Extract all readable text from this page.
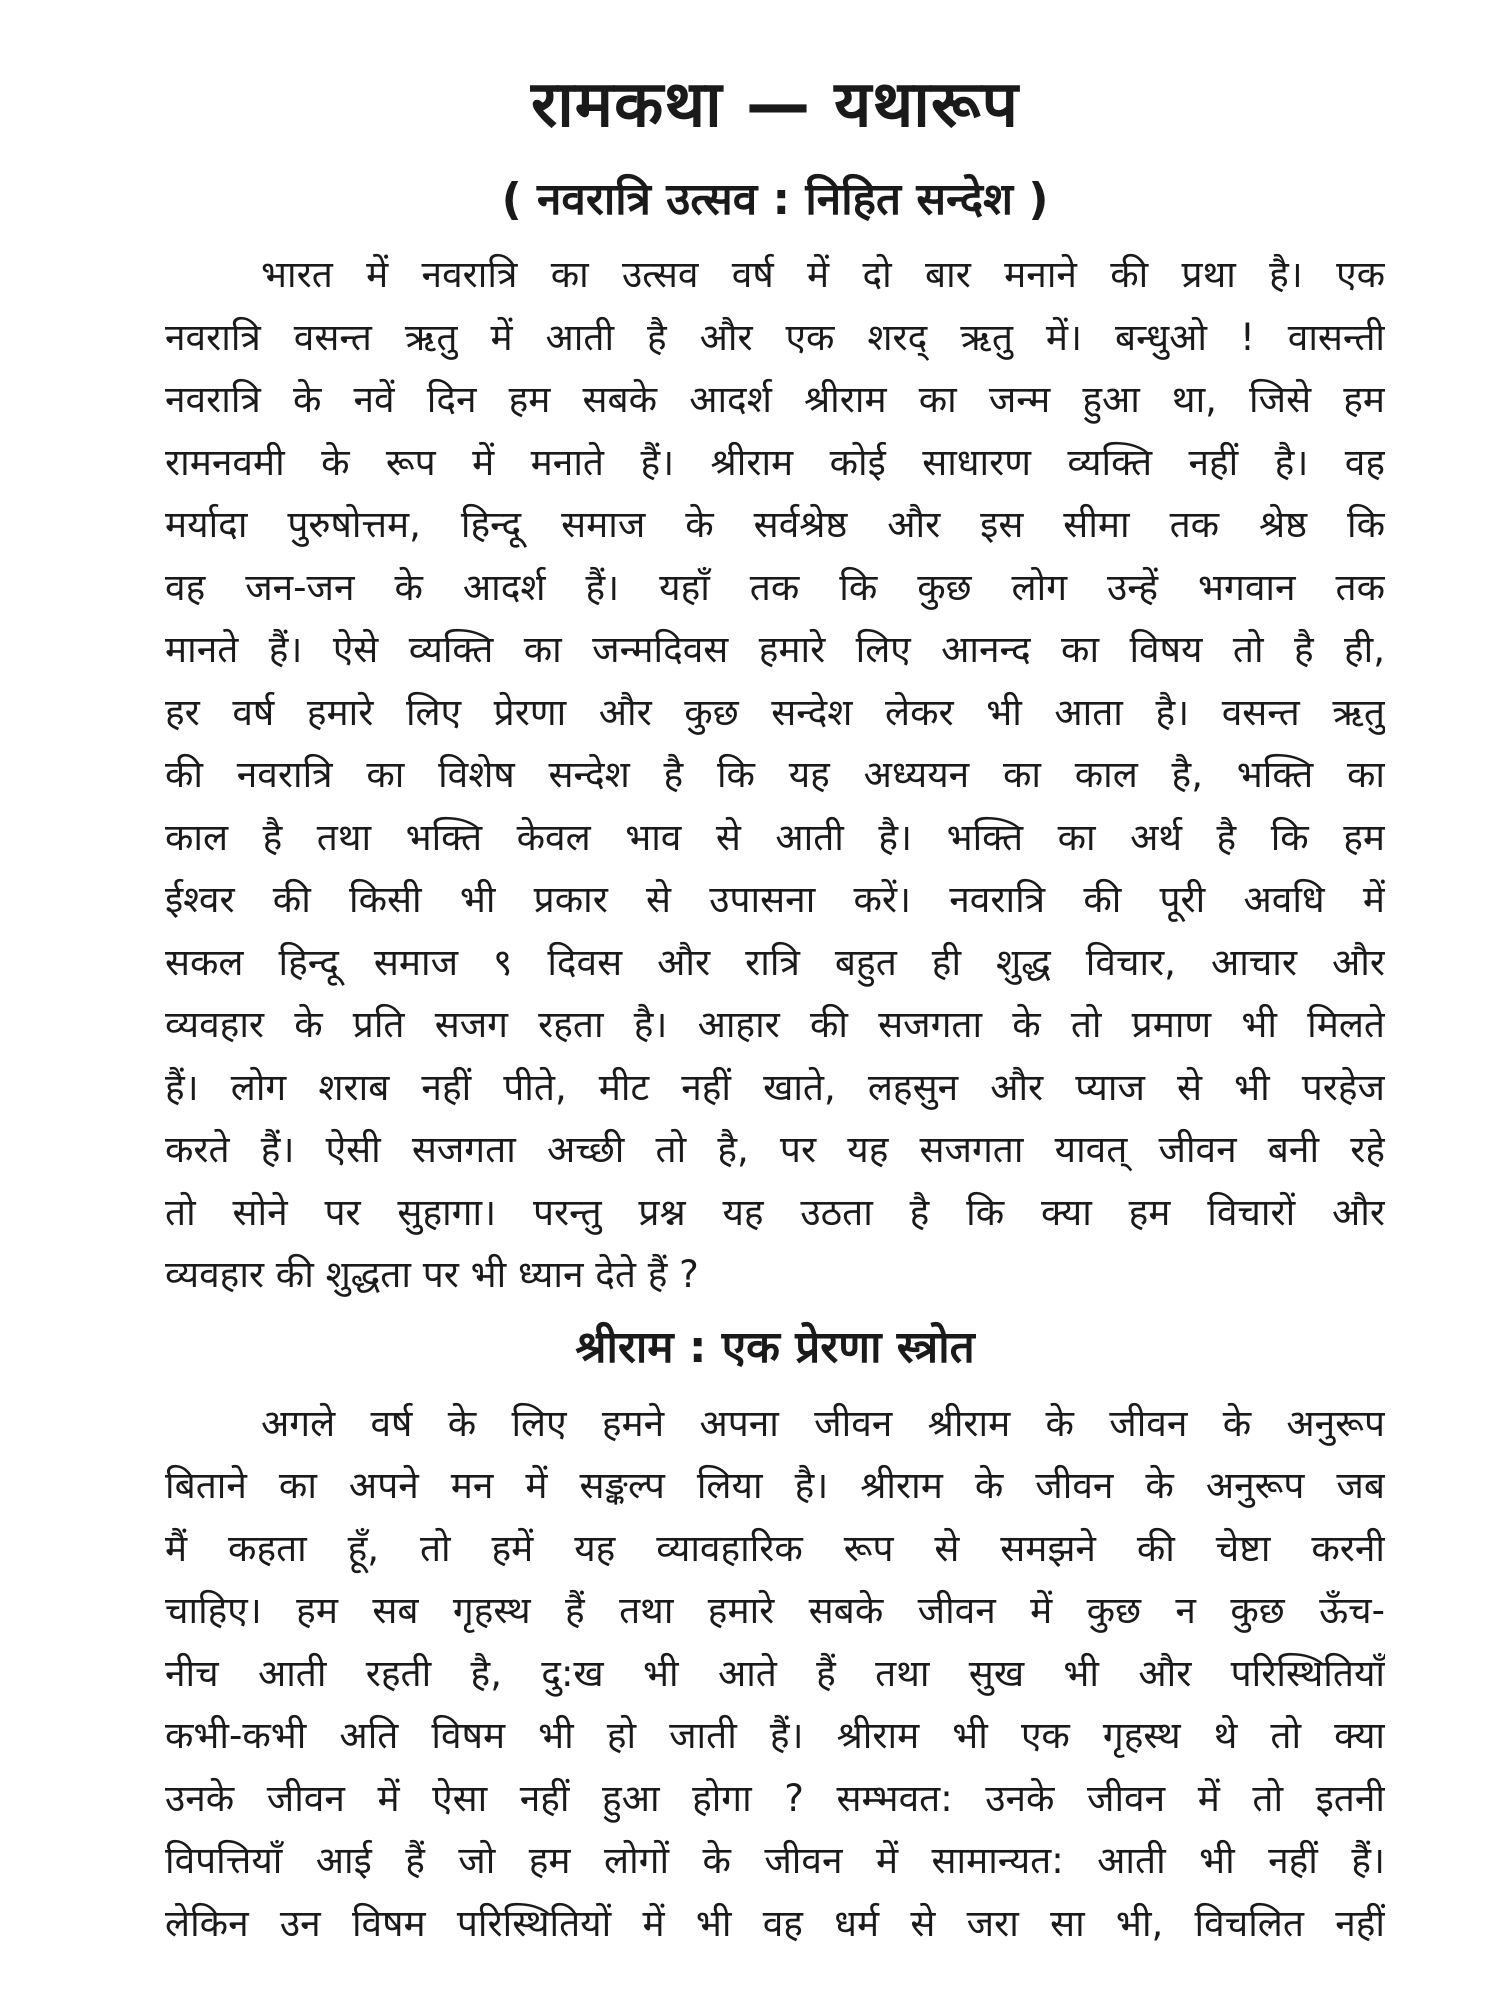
रामकथा — यथारूप
( नवरात्रि उत्सव : निहित सन्देश )
भारत में नवरात्रि का उत्सव वर्ष में दो बार मनाने की प्रथा है। एक
नवरात्रि वसन्त ऋतु में आती है और एक शरद् ऋतु में। बन्धुओ ! वासन्ती
नवरात्रि के नवें दिन हम सबके आदर्श श्रीराम का जन्म हुआ था, जिसे हम
रामनवमी के रूप में मनाते हैं। श्रीराम कोई साधारण व्यक्ति नहीं है। वह
मर्यादा पुरुषोत्तम, हिन्दू समाज के सर्वश्रेष्ठ और इस सीमा तक श्रेष्ठ कि
वह जन-जन के आदर्श हैं। यहाँ तक कि कुछ लोग उन्हें भगवान तक
मानते हैं। ऐसे व्यक्ति का जन्मदिवस हमारे लिए आनन्द का विषय तो है ही,
हर वर्ष हमारे लिए प्रेरणा और कुछ सन्देश लेकर भी आता है। वसन्त ऋतु
की नवरात्रि का विशेष सन्देश है कि यह अध्ययन का काल है, भक्ति का
काल है तथा भक्ति केवल भाव से आती है। भक्ति का अर्थ है कि हम
ईश्वर की किसी भी प्रकार से उपासना करें। नवरात्रि की पूरी अवधि में
सकल हिन्दू समाज ९ दिवस और रात्रि बहुत ही शुद्ध विचार, आचार और
व्यवहार के प्रति सजग रहता है। आहार की सजगता के तो प्रमाण भी मिलते
हैं। लोग शराब नहीं पीते, मीट नहीं खाते, लहसुन और प्याज से भी परहेज
करते हैं। ऐसी सजगता अच्छी तो है, पर यह सजगता यावत् जीवन बनी रहे
तो सोने पर सुहागा। परन्तु प्रश्न यह उठता है कि क्या हम विचारों और
व्यवहार की शुद्धता पर भी ध्यान देते हैं ?
श्रीराम : एक प्रेरणा स्त्रोत
अगले वर्ष के लिए हमने अपना जीवन श्रीराम के जीवन के अनुरूप
बिताने का अपने मन में सङ्कल्प लिया है। श्रीराम के जीवन के अनुरूप जब
मैं कहता हूँ, तो हमें यह व्यावहारिक रूप से समझने की चेष्टा करनी
चाहिए। हम सब गृहस्थ हैं तथा हमारे सबके जीवन में कुछ न कुछ ऊँच-
नीच आती रहती है, दु:ख भी आते हैं तथा सुख भी और परिस्थितियाँ
कभी-कभी अति विषम भी हो जाती हैं। श्रीराम भी एक गृहस्थ थे तो क्या
उनके जीवन में ऐसा नहीं हुआ होगा ? सम्भवत: उनके जीवन में तो इतनी
विपत्तियाँ आई हैं जो हम लोगों के जीवन में सामान्यत: आती भी नहीं हैं।
लेकिन उन विषम परिस्थितियों में भी वह धर्म से जरा सा भी, विचलित नहीं
